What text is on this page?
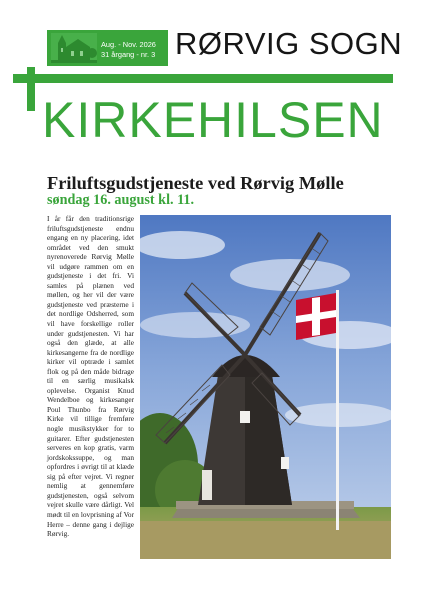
Aug. - Nov. 2026
31 årgang - nr. 3 RØRVIG SOGN
KIRKEHILSEN
Friluftsgudstjeneste ved Rørvig Mølle
søndag 16. august kl. 11.

I år får den traditionsrige friluftsgudstjeneste endnu engang en ny placering, idet området ved den smukt nyrenoverede Rørvig Mølle vil udgøre rammen om en gudstjeneste i det fri. Vi samles på plænen ved møllen, og her vil der være gudstjeneste ved præsterne i det nordlige Odsherred, som vil have forskellige roller under gudstjenesten. Vi har også den glæde, at alle kirkesangerne fra de nordlige kirker vil optræde i samlet flok og på den måde bidrage til en særlig musikalsk oplevelse. Organist Knud Wendelboe og kirkesanger Poul Thunbo fra Rørvig Kirke vil tillige fremføre nogle musikstykker for to guitarer. Efter gudstjenesten serveres en kop gratis, varm jordskokssuppe, og man opfordres i øvrigt til at klæde sig på efter vejret. Vi regner nemlig at gennemføre gudstjenesten, også selvom vejret skulle være dårligt. Vel mødt til en lovprisning af Vor Herre – denne gang i dejlige Rørvig.
